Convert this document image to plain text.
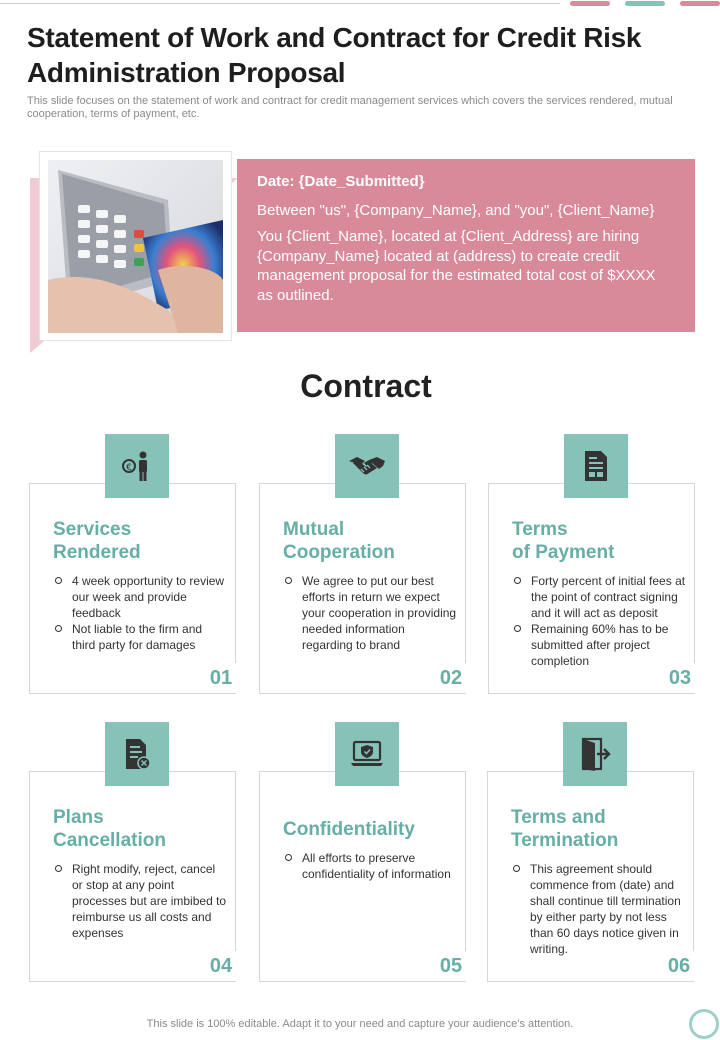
Statement of Work and Contract for Credit Risk Administration Proposal

This slide focuses on the statement of work and contract for credit management services which covers the services rendered, mutual cooperation, terms of payment, etc.

Date: {Date_Submitted}

Between "us", {Company_Name}, and "you", {Client_Name}

You {Client_Name}, located at {Client_Address} are hiring {Company_Name} located at (address) to create credit management proposal for the estimated total cost of $XXXX as outlined.

Contract
Services
Rendered
4 week opportunity to review our week and provide feedback
Not liable to the firm and third party for damages
01
€
Mutual
Cooperation
We agree to put our best efforts in return we expect your cooperation in providing needed information regarding to brand
02
Terms
of Payment
Forty percent of initial fees at the point of contract signing and it will act as deposit
Remaining 60% has to be submitted after project completion
03
Plans
Cancellation
Right modify, reject, cancel or stop at any point processes but are imbibed to reimburse us all costs and expenses
04
Confidentiality
All efforts to preserve confidentiality of information
05
Terms and
Termination
This agreement should commence from (date) and shall continue till termination by either party by not less than 60 days notice given in writing.
06

This slide is 100% editable. Adapt it to your need and capture your audience’s attention.
